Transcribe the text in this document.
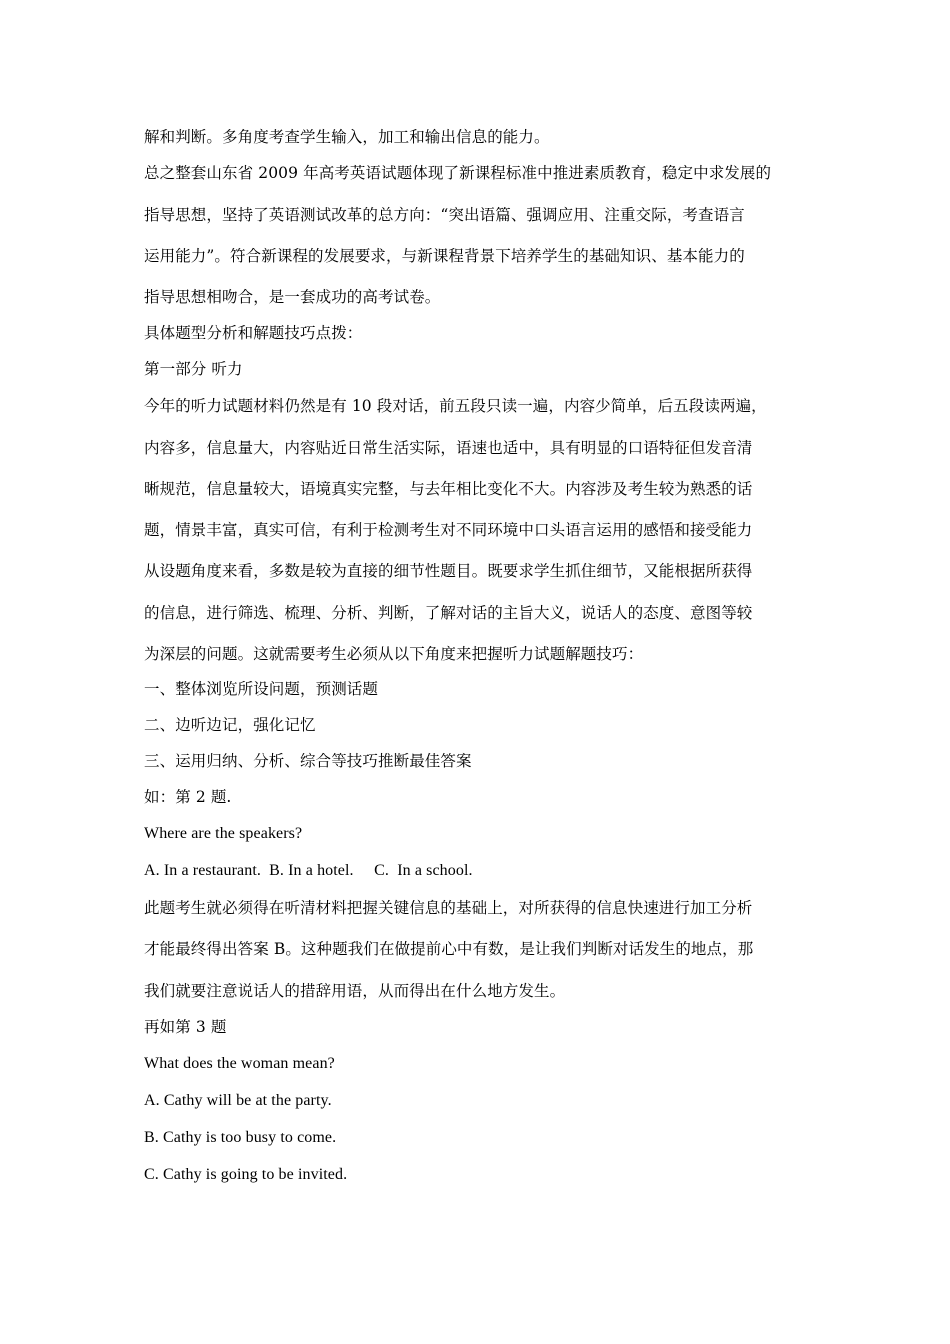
解和判断。多角度考查学生输入，加工和输出信息的能力。
总之整套山东省 2009 年高考英语试题体现了新课程标准中推进素质教育，稳定中求发展的
指导思想，坚持了英语测试改革的总方向：“突出语篇、强调应用、注重交际，考查语言
运用能力”。符合新课程的发展要求，与新课程背景下培养学生的基础知识、基本能力的
指导思想相吻合，是一套成功的高考试卷。
具体题型分析和解题技巧点拨：
第一部分 听力
今年的听力试题材料仍然是有 10 段对话，前五段只读一遍，内容少简单，后五段读两遍，
内容多，信息量大，内容贴近日常生活实际，语速也适中，具有明显的口语特征但发音清
晰规范，信息量较大，语境真实完整，与去年相比变化不大。内容涉及考生较为熟悉的话
题，情景丰富，真实可信，有利于检测考生对不同环境中口头语言运用的感悟和接受能力
从设题角度来看，多数是较为直接的细节性题目。既要求学生抓住细节，又能根据所获得
的信息，进行筛选、梳理、分析、判断，了解对话的主旨大义，说话人的态度、意图等较
为深层的问题。这就需要考生必须从以下角度来把握听力试题解题技巧：
一、整体浏览所设问题，预测话题
二、边听边记，强化记忆
三、运用归纳、分析、综合等技巧推断最佳答案
如：第 2 题.
Where are the speakers?
A. In a restaurant.  B. In a hotel.     C.  In a school.
此题考生就必须得在听清材料把握关键信息的基础上，对所获得的信息快速进行加工分析
才能最终得出答案 B。这种题我们在做提前心中有数，是让我们判断对话发生的地点，那
我们就要注意说话人的措辞用语，从而得出在什么地方发生。
再如第 3 题
What does the woman mean?
A. Cathy will be at the party.
B. Cathy is too busy to come.
C. Cathy is going to be invited.
